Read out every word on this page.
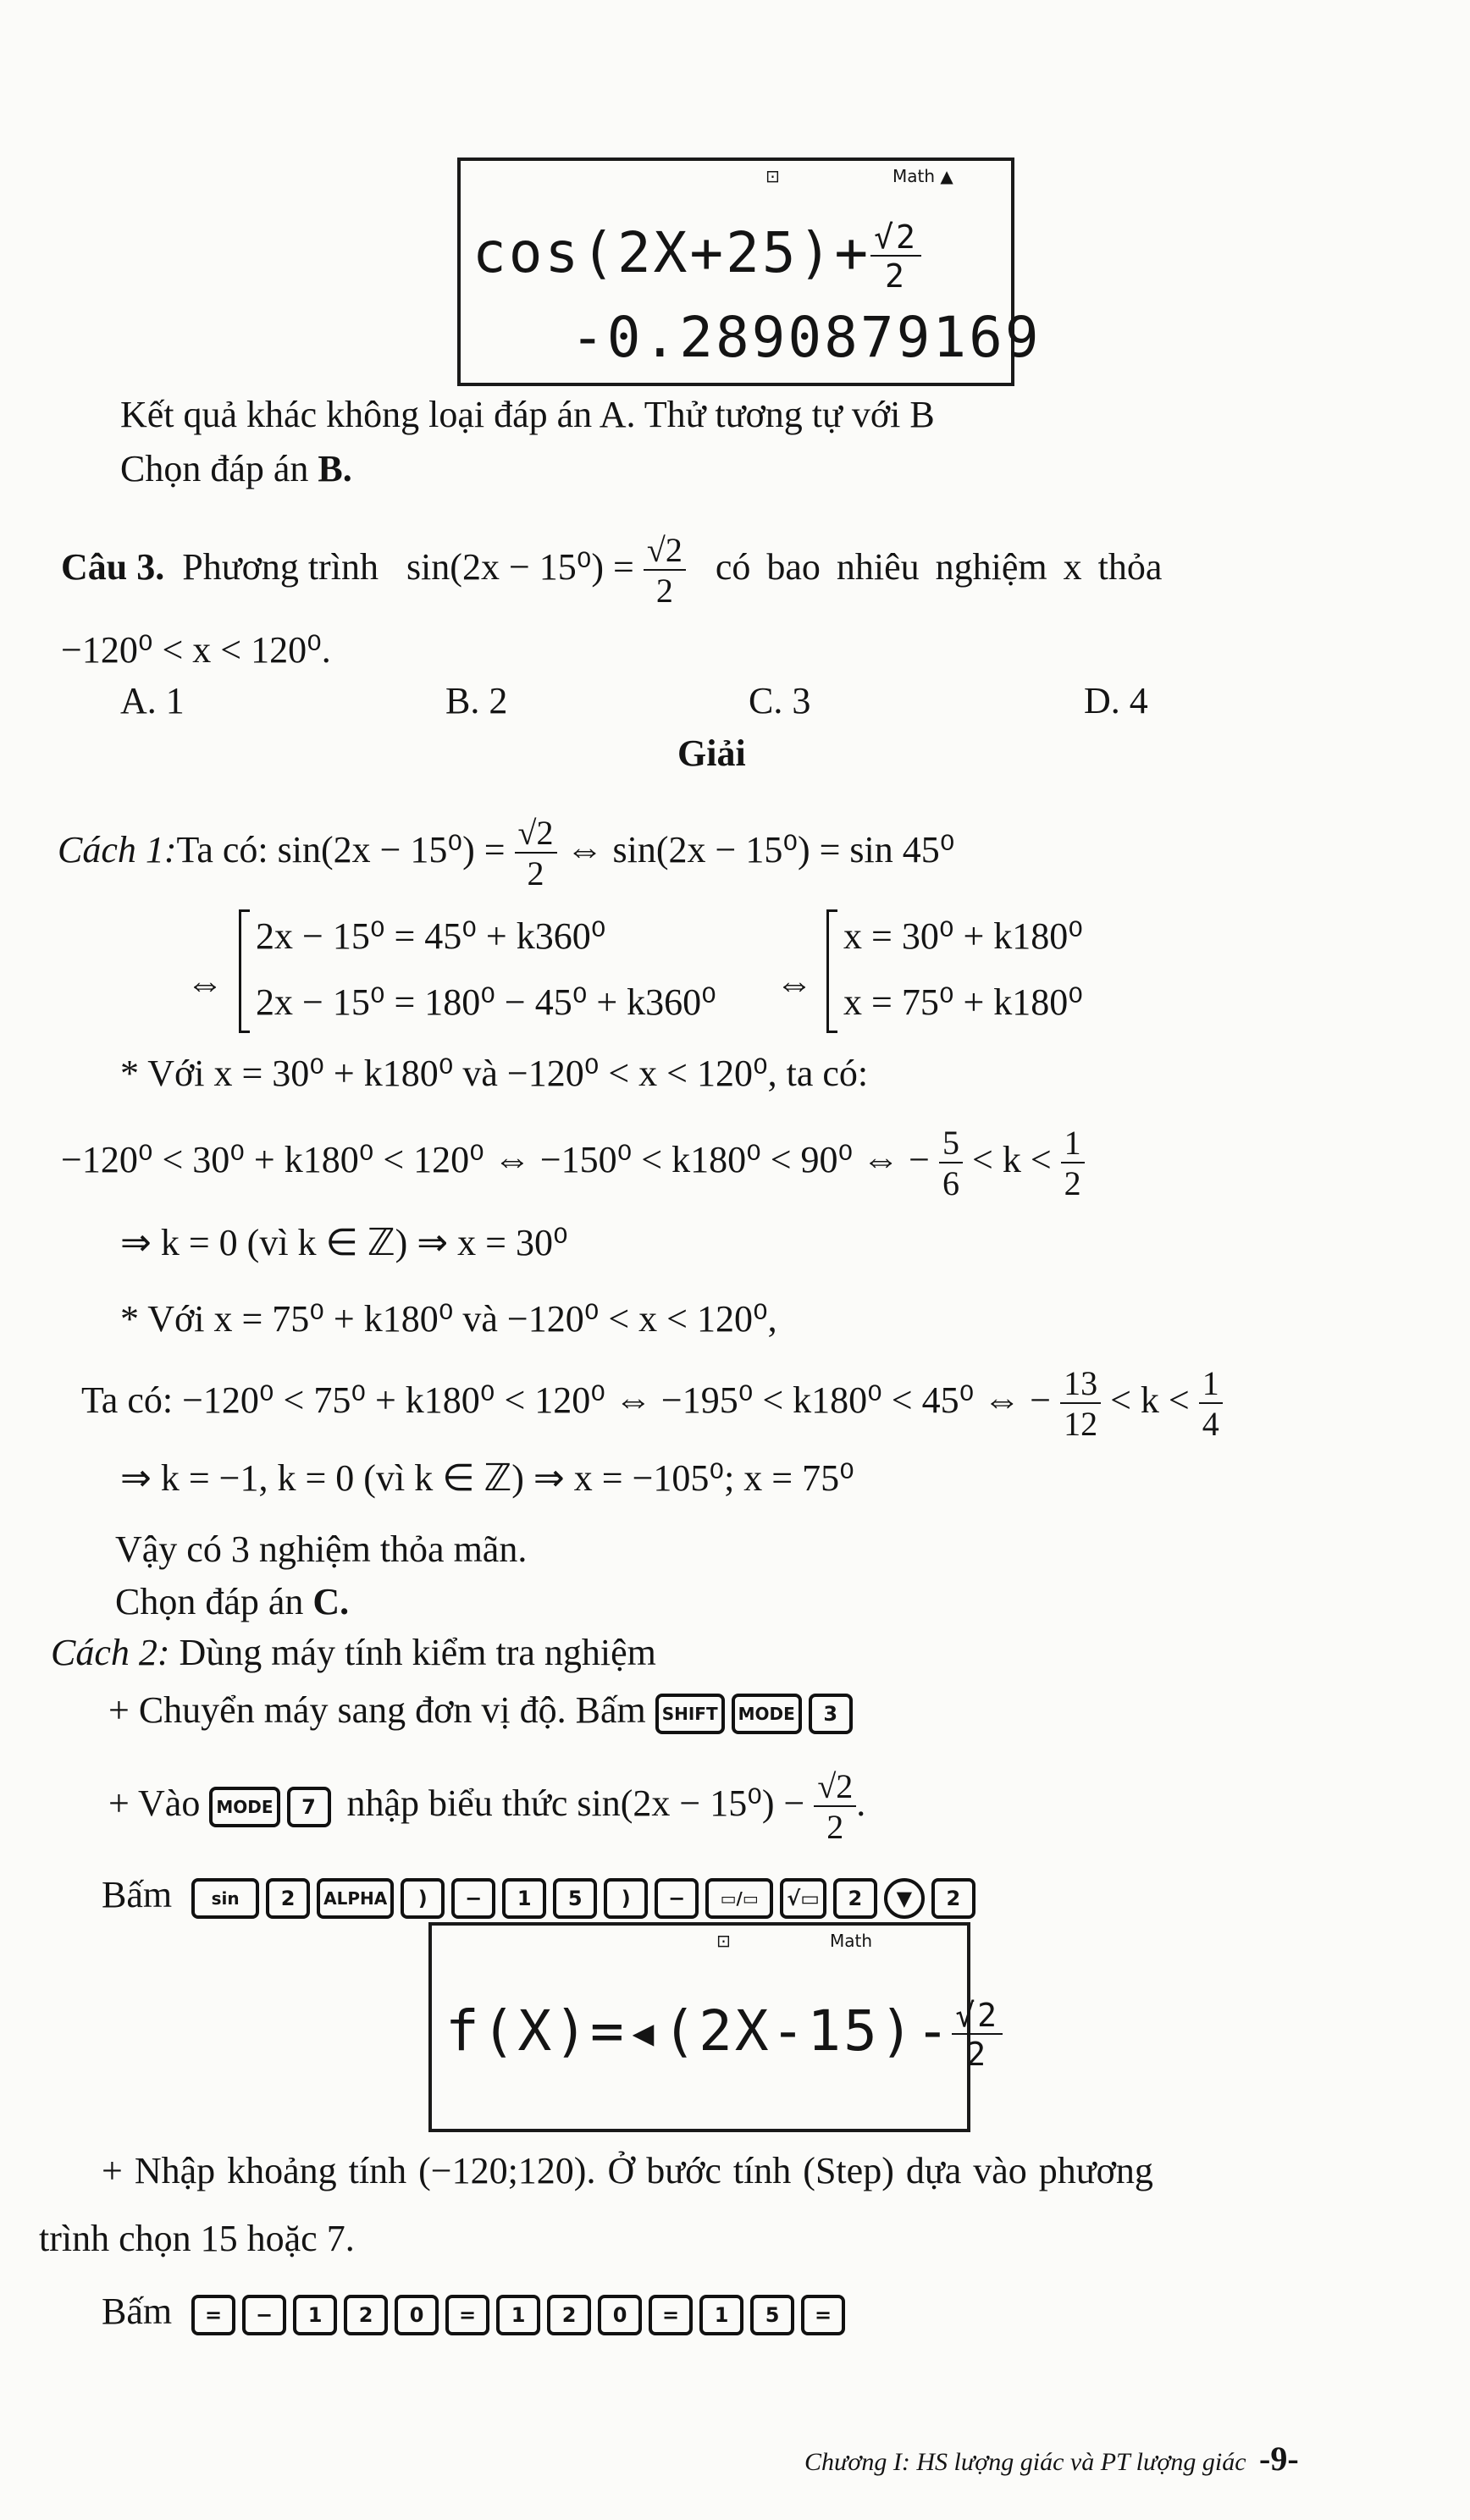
⊡	Math ▲
$\cos(2X+25)+ \frac{√2}{2}$
-0.2890879169
Kết quả khác không loại đáp án A. Thử tương tự với B
Chọn đáp án B.
Câu 3. Phương trình $\sin(2x - 15^0) = \frac{√2}{2}$ có bao nhiêu nghiệm x thỏa
−120⁰ < x < 120⁰.
A. 1	B. 2	C. 3	D. 4
Giải
Cách 1:Ta có: $\sin(2x - 15^0) = \frac{√2}{2}$ ⇔ sin(2x − 15⁰) = sin 45⁰
⇔
2x − 15⁰ = 45⁰ + k360⁰
2x − 15⁰ = 180⁰ − 45⁰ + k360⁰ ⇔
x = 30⁰ + k180⁰
x = 75⁰ + k180⁰
* Với x = 30⁰ + k180⁰ và −120⁰ < x < 120⁰, ta có:
−120⁰ < 30⁰ + k180⁰ < 120⁰ ⇔ −150⁰ < k180⁰ < 90⁰ ⇔ − $\frac{5}{6} < k < \frac{1}{2}$
⇒ k = 0 (vì k ∈ ℤ) ⇒ x = 30⁰
* Với x = 75⁰ + k180⁰ và −120⁰ < x < 120⁰,
Ta có: −120⁰ < 75⁰ + k180⁰ < 120⁰ ⇔ −195⁰ < k180⁰ < 45⁰ ⇔ − $\frac{13}{12} < k < \frac{1}{4}$
⇒ k = −1, k = 0 (vì k ∈ ℤ) ⇒ x = −105⁰; x = 75⁰
Vậy có 3 nghiệm thỏa mãn.
Chọn đáp án C.
Cách 2: Dùng máy tính kiểm tra nghiệm
+ Chuyển máy sang đơn vị độ. Bấm SHIFT MODE 3
+ Vào MODE 7 nhập biểu thức $\sin(2x - 15^0) - \frac{√2}{2}$ .
Bấm sin 2 ALPHA ) − 1 5 ) − ▭/▭ √▭ 2 ▼ 2
⊡	Math
f(X)=◂(2X-15)- $\frac{√2}{2}$
+ Nhập khoảng tính (−120;120). Ở bước tính (Step) dựa vào phương
trình chọn 15 hoặc 7.
Bấm = − 1 2 0 = 1 2 0 = 1 5 =
Chương I: HS lượng giác và PT lượng giác -9-
